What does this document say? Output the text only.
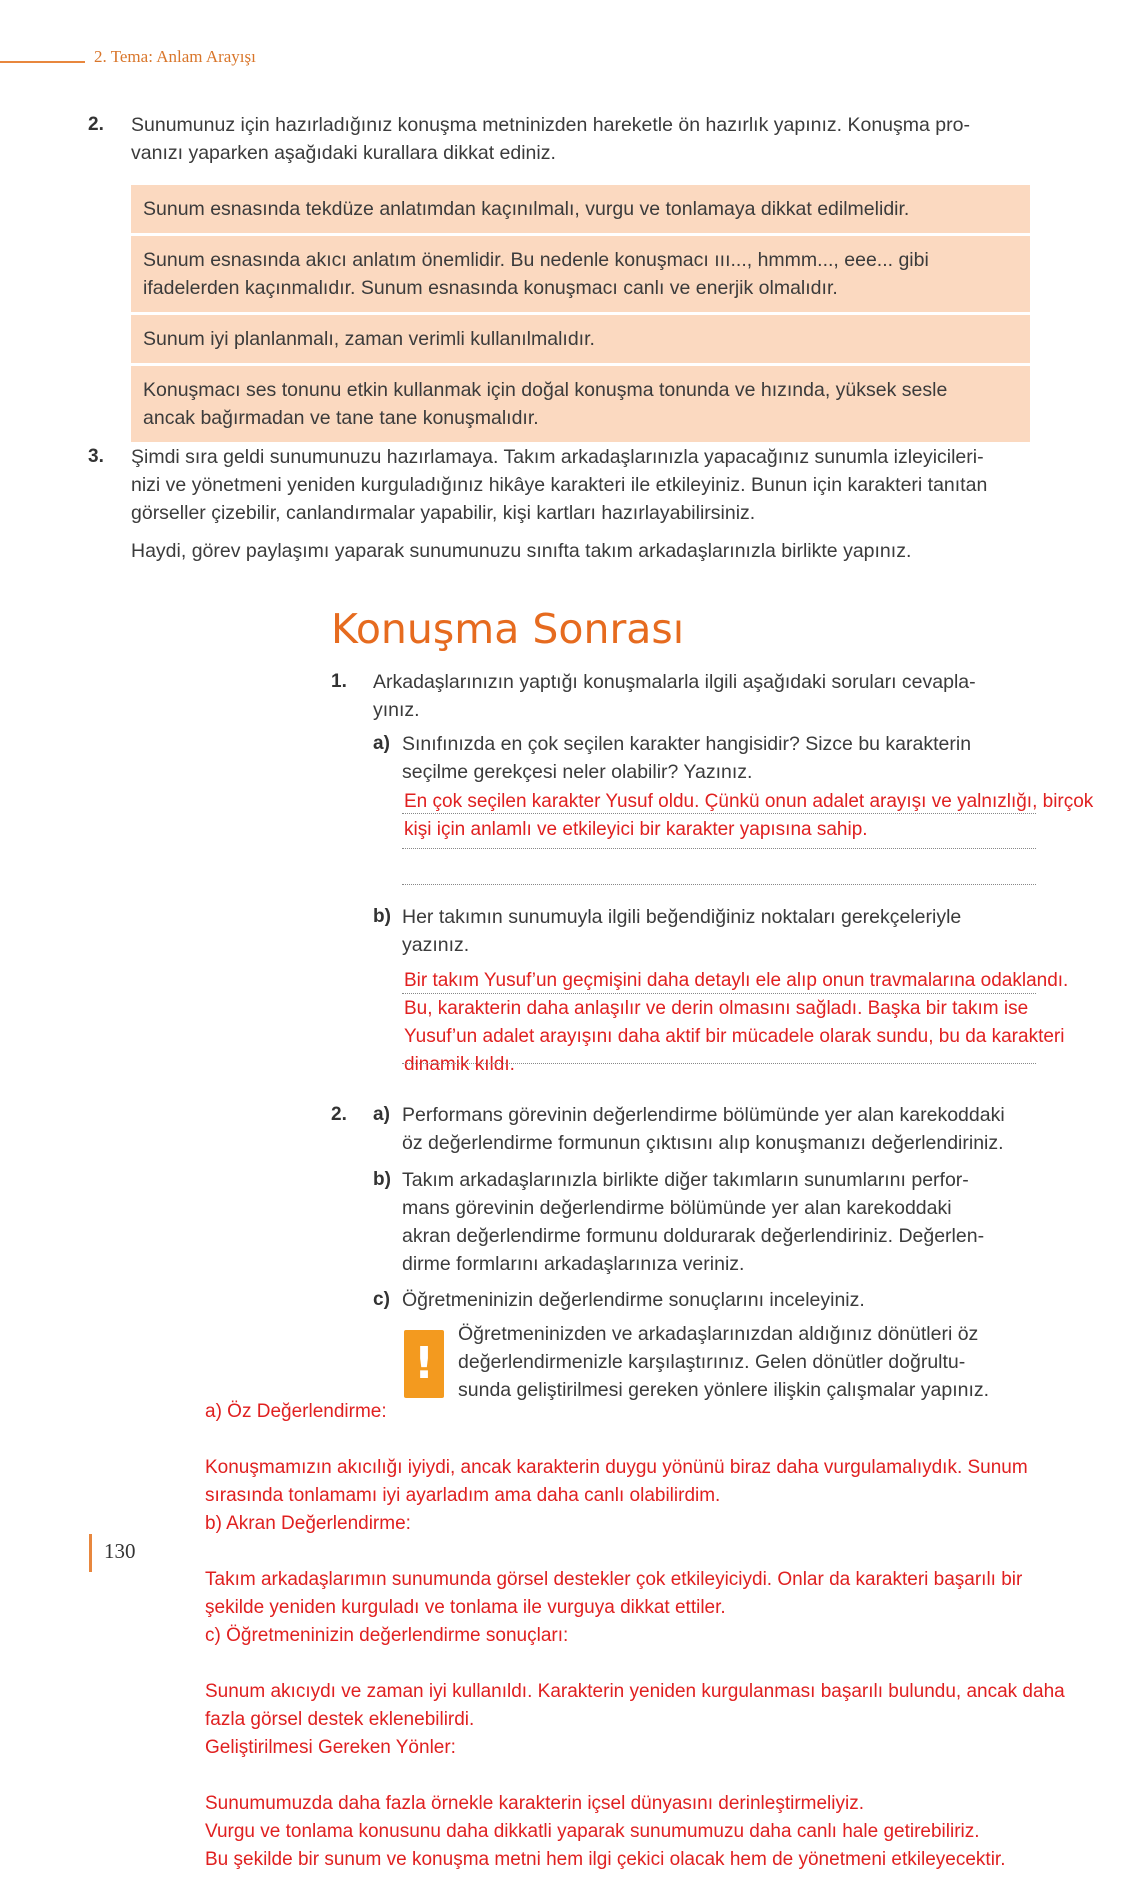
2. Tema: Anlam Arayışı
2. Sunumunuz için hazırladığınız konuşma metninizden hareketle ön hazırlık yapınız. Konuşma pro-
vanızı yaparken aşağıdaki kurallara dikkat ediniz.
Sunum esnasında tekdüze anlatımdan kaçınılmalı, vurgu ve tonlamaya dikkat edilmelidir.
Sunum esnasında akıcı anlatım önemlidir. Bu nedenle konuşmacı ııı..., hmmm..., eee... gibi
ifadelerden kaçınmalıdır. Sunum esnasında konuşmacı canlı ve enerjik olmalıdır.
Sunum iyi planlanmalı, zaman verimli kullanılmalıdır.
Konuşmacı ses tonunu etkin kullanmak için doğal konuşma tonunda ve hızında, yüksek sesle
ancak bağırmadan ve tane tane konuşmalıdır.
3. Şimdi sıra geldi sunumunuzu hazırlamaya. Takım arkadaşlarınızla yapacağınız sunumla izleyicileri-
nizi ve yönetmeni yeniden kurguladığınız hikâye karakteri ile etkileyiniz. Bunun için karakteri tanıtan
görseller çizebilir, canlandırmalar yapabilir, kişi kartları hazırlayabilirsiniz.
Haydi, görev paylaşımı yaparak sunumunuzu sınıfta takım arkadaşlarınızla birlikte yapınız.
Konuşma Sonrası
1. Arkadaşlarınızın yaptığı konuşmalarla ilgili aşağıdaki soruları cevapla-
yınız.
a) Sınıfınızda en çok seçilen karakter hangisidir? Sizce bu karakterin
seçilme gerekçesi neler olabilir? Yazınız.
En çok seçilen karakter Yusuf oldu. Çünkü onun adalet arayışı ve yalnızlığı, birçok
kişi için anlamlı ve etkileyici bir karakter yapısına sahip.
b) Her takımın sunumuyla ilgili beğendiğiniz noktaları gerekçeleriyle
yazınız.
Bir takım Yusuf’un geçmişini daha detaylı ele alıp onun travmalarına odaklandı.
Bu, karakterin daha anlaşılır ve derin olmasını sağladı. Başka bir takım ise
Yusuf’un adalet arayışını daha aktif bir mücadele olarak sundu, bu da karakteri
dinamik kıldı.
2. a) Performans görevinin değerlendirme bölümünde yer alan karekoddaki
öz değerlendirme formunun çıktısını alıp konuşmanızı değerlendiriniz.
b) Takım arkadaşlarınızla birlikte diğer takımların sunumlarını perfor-
mans görevinin değerlendirme bölümünde yer alan karekoddaki
akran değerlendirme formunu doldurarak değerlendiriniz. Değerlen-
dirme formlarını arkadaşlarınıza veriniz.
c) Öğretmeninizin değerlendirme sonuçlarını inceleyiniz.
!
Öğretmeninizden ve arkadaşlarınızdan aldığınız dönütleri öz
değerlendirmenizle karşılaştırınız. Gelen dönütler doğrultu-
sunda geliştirilmesi gereken yönlere ilişkin çalışmalar yapınız.
130
a) Öz Değerlendirme:
Konuşmamızın akıcılığı iyiydi, ancak karakterin duygu yönünü biraz daha vurgulamalıydık. Sunum
sırasında tonlamamı iyi ayarladım ama daha canlı olabilirdim.
b) Akran Değerlendirme:
Takım arkadaşlarımın sunumunda görsel destekler çok etkileyiciydi. Onlar da karakteri başarılı bir
şekilde yeniden kurguladı ve tonlama ile vurguya dikkat ettiler.
c) Öğretmeninizin değerlendirme sonuçları:
Sunum akıcıydı ve zaman iyi kullanıldı. Karakterin yeniden kurgulanması başarılı bulundu, ancak daha
fazla görsel destek eklenebilirdi.
Geliştirilmesi Gereken Yönler:
Sunumumuzda daha fazla örnekle karakterin içsel dünyasını derinleştirmeliyiz.
Vurgu ve tonlama konusunu daha dikkatli yaparak sunumumuzu daha canlı hale getirebiliriz.
Bu şekilde bir sunum ve konuşma metni hem ilgi çekici olacak hem de yönetmeni etkileyecektir.
